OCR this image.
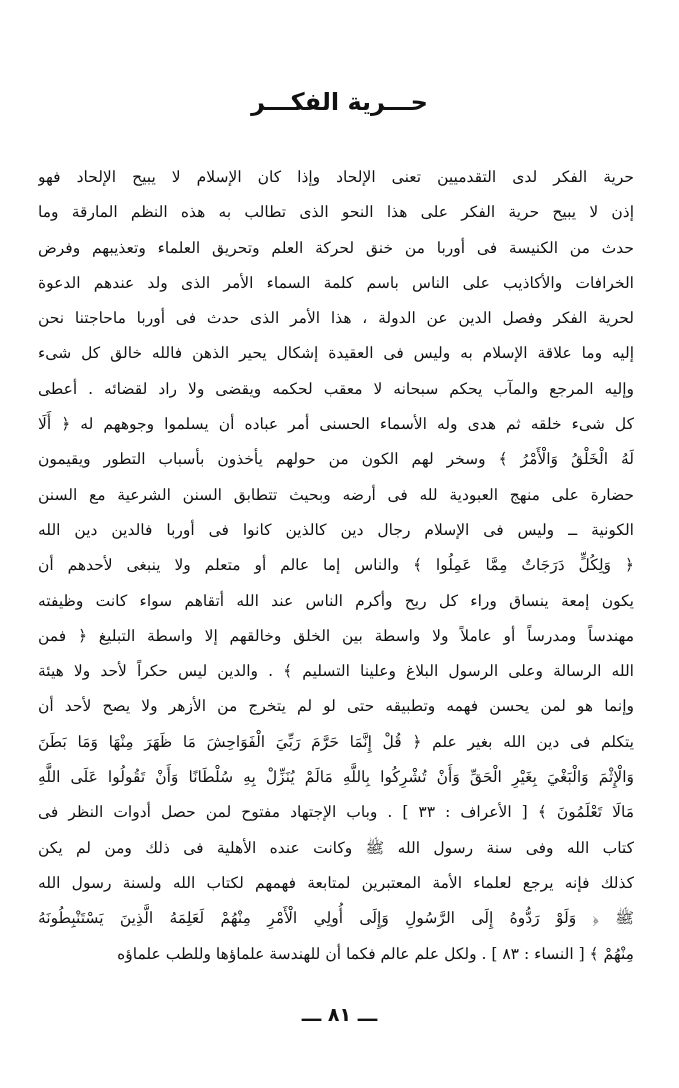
حـــرية الفكـــر
حرية الفكر لدى التقدميين تعنى الإلحاد وإذا كان الإسلام لا يبيح الإلحاد فهو
إذن لا يبيح حرية الفكر على هذا النحو الذى تطالب به هذه النظم المارقة وما
حدث من الكنيسة فى أوربا من خنق لحركة العلم وتحريق العلماء وتعذيبهم وفرض
الخرافات والأكاذيب على الناس باسم كلمة السماء الأمر الذى ولد عندهم الدعوة
لحرية الفكر وفصل الدين عن الدولة ، هذا الأمر الذى حدث فى أوربا ماحاجتنا نحن
إليه وما علاقة الإسلام به وليس فى العقيدة إشكال يحير الذهن فالله خالق كل شىء
وإليه المرجع والمآب يحكم سبحانه لا معقب لحكمه ويقضى ولا راد لقضائه . أعطى
كل شىء خلقه ثم هدى وله الأسماء الحسنى أمر عباده أن يسلموا وجوههم له ﴿ أَلَا
لَهُ الْخَلْقُ وَالْأَمْرُ ﴾ وسخر لهم الكون من حولهم يأخذون بأسباب التطور ويقيمون
حضارة على منهج العبودية لله فى أرضه وبحيث تتطابق السنن الشرعية مع السنن
الكونية ــ وليس فى الإسلام رجال دين كالذين كانوا فى أوربا فالدين دين الله
﴿ وَلِكُلٍّ دَرَجَاتٌ مِمَّا عَمِلُوا ﴾ والناس إما عالم أو متعلم ولا ينبغى لأحدهم أن
يكون إمعة ينساق وراء كل ريح وأكرم الناس عند الله أتقاهم سواء كانت وظيفته
مهندساً ومدرساً أو عاملاً ولا واسطة بين الخلق وخالقهم إلا واسطة التبليغ ﴿ فمن
الله الرسالة وعلى الرسول البلاغ وعلينا التسليم ﴾ . والدين ليس حكراً لأحد ولا هيئة
وإنما هو لمن يحسن فهمه وتطبيقه حتى لو لم يتخرج من الأزهر ولا يصح لأحد أن
يتكلم فى دين الله بغير علم ﴿ قُلْ إِنَّمَا حَرَّمَ رَبِّيَ الْفَوَاحِشَ مَا ظَهَرَ مِنْهَا وَمَا بَطَنَ
وَالْإِثْمَ وَالْبَغْيَ بِغَيْرِ الْحَقِّ وَأَنْ تُشْرِكُوا بِاللَّهِ مَالَمْ يُنَزِّلْ بِهِ سُلْطَانًا وَأَنْ تَقُولُوا عَلَى اللَّهِ
مَالَا تَعْلَمُونَ ﴾ [ الأعراف : ٣٣ ] . وباب الإجتهاد مفتوح لمن حصل أدوات النظر فى
كتاب الله وفى سنة رسول الله ﷺ وكانت عنده الأهلية فى ذلك ومن لم يكن
كذلك فإنه يرجع لعلماء الأمة المعتبرين لمتابعة فهمهم لكتاب الله ولسنة رسول الله
ﷺ ﴿ وَلَوْ رَدُّوهُ إِلَى الرَّسُولِ وَإِلَى أُولِي الْأَمْرِ مِنْهُمْ لَعَلِمَهُ الَّذِينَ يَسْتَنْبِطُونَهُ
مِنْهُمْ ﴾ [ النساء : ٨٣ ] . ولكل علم عالم فكما أن للهندسة علماؤها وللطب علماؤه
ـــ ٨١ ـــ
